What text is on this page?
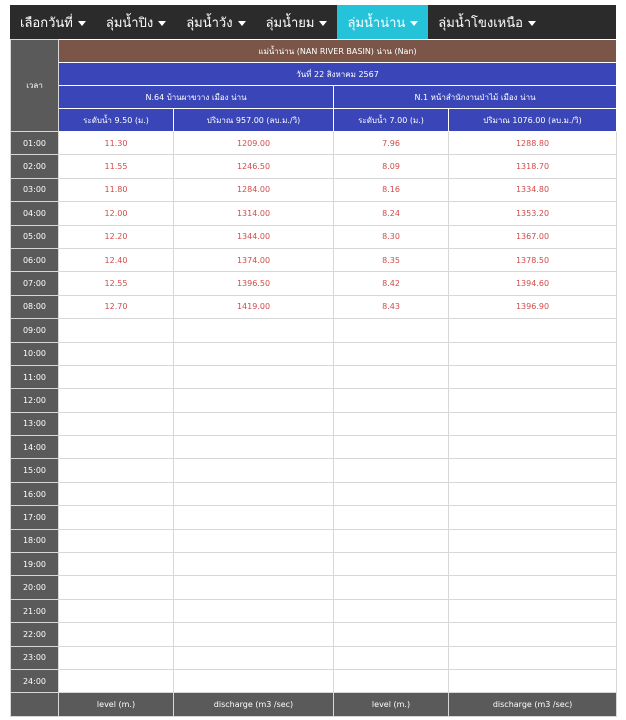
เลือกวันที่	ลุ่มน้ำปิง	ลุ่มน้ำวัง	ลุ่มน้ำยม	ลุ่มน้ำน่าน	ลุ่มน้ำโขงเหนือ
เวลา	แม่น้ำน่าน (NAN RIVER BASIN) น่าน (Nan)			
	วันที่ 22 สิงหาคม 2567			
	N.64 บ้านผาขวาง เมือง น่าน		N.1 หน้าสำนักงานป่าไม้ เมือง น่าน	
	ระดับน้ำ 9.50 (ม.)	ปริมาณ 957.00 (ลบ.ม./วิ)	ระดับน้ำ 7.00 (ม.)	ปริมาณ 1076.00 (ลบ.ม./วิ)
01:00	11.30	1209.00	7.96	1288.80
02:00	11.55	1246.50	8.09	1318.70
03:00	11.80	1284.00	8.16	1334.80
04:00	12.00	1314.00	8.24	1353.20
05:00	12.20	1344.00	8.30	1367.00
06:00	12.40	1374.00	8.35	1378.50
07:00	12.55	1396.50	8.42	1394.60
08:00	12.70	1419.00	8.43	1396.90
09:00				
10:00				
11:00				
12:00				
13:00				
14:00				
15:00				
16:00				
17:00				
18:00				
19:00				
20:00				
21:00				
22:00				
23:00				
24:00				
	level (m.)	discharge (m3 /sec)	level (m.)	discharge (m3 /sec)
